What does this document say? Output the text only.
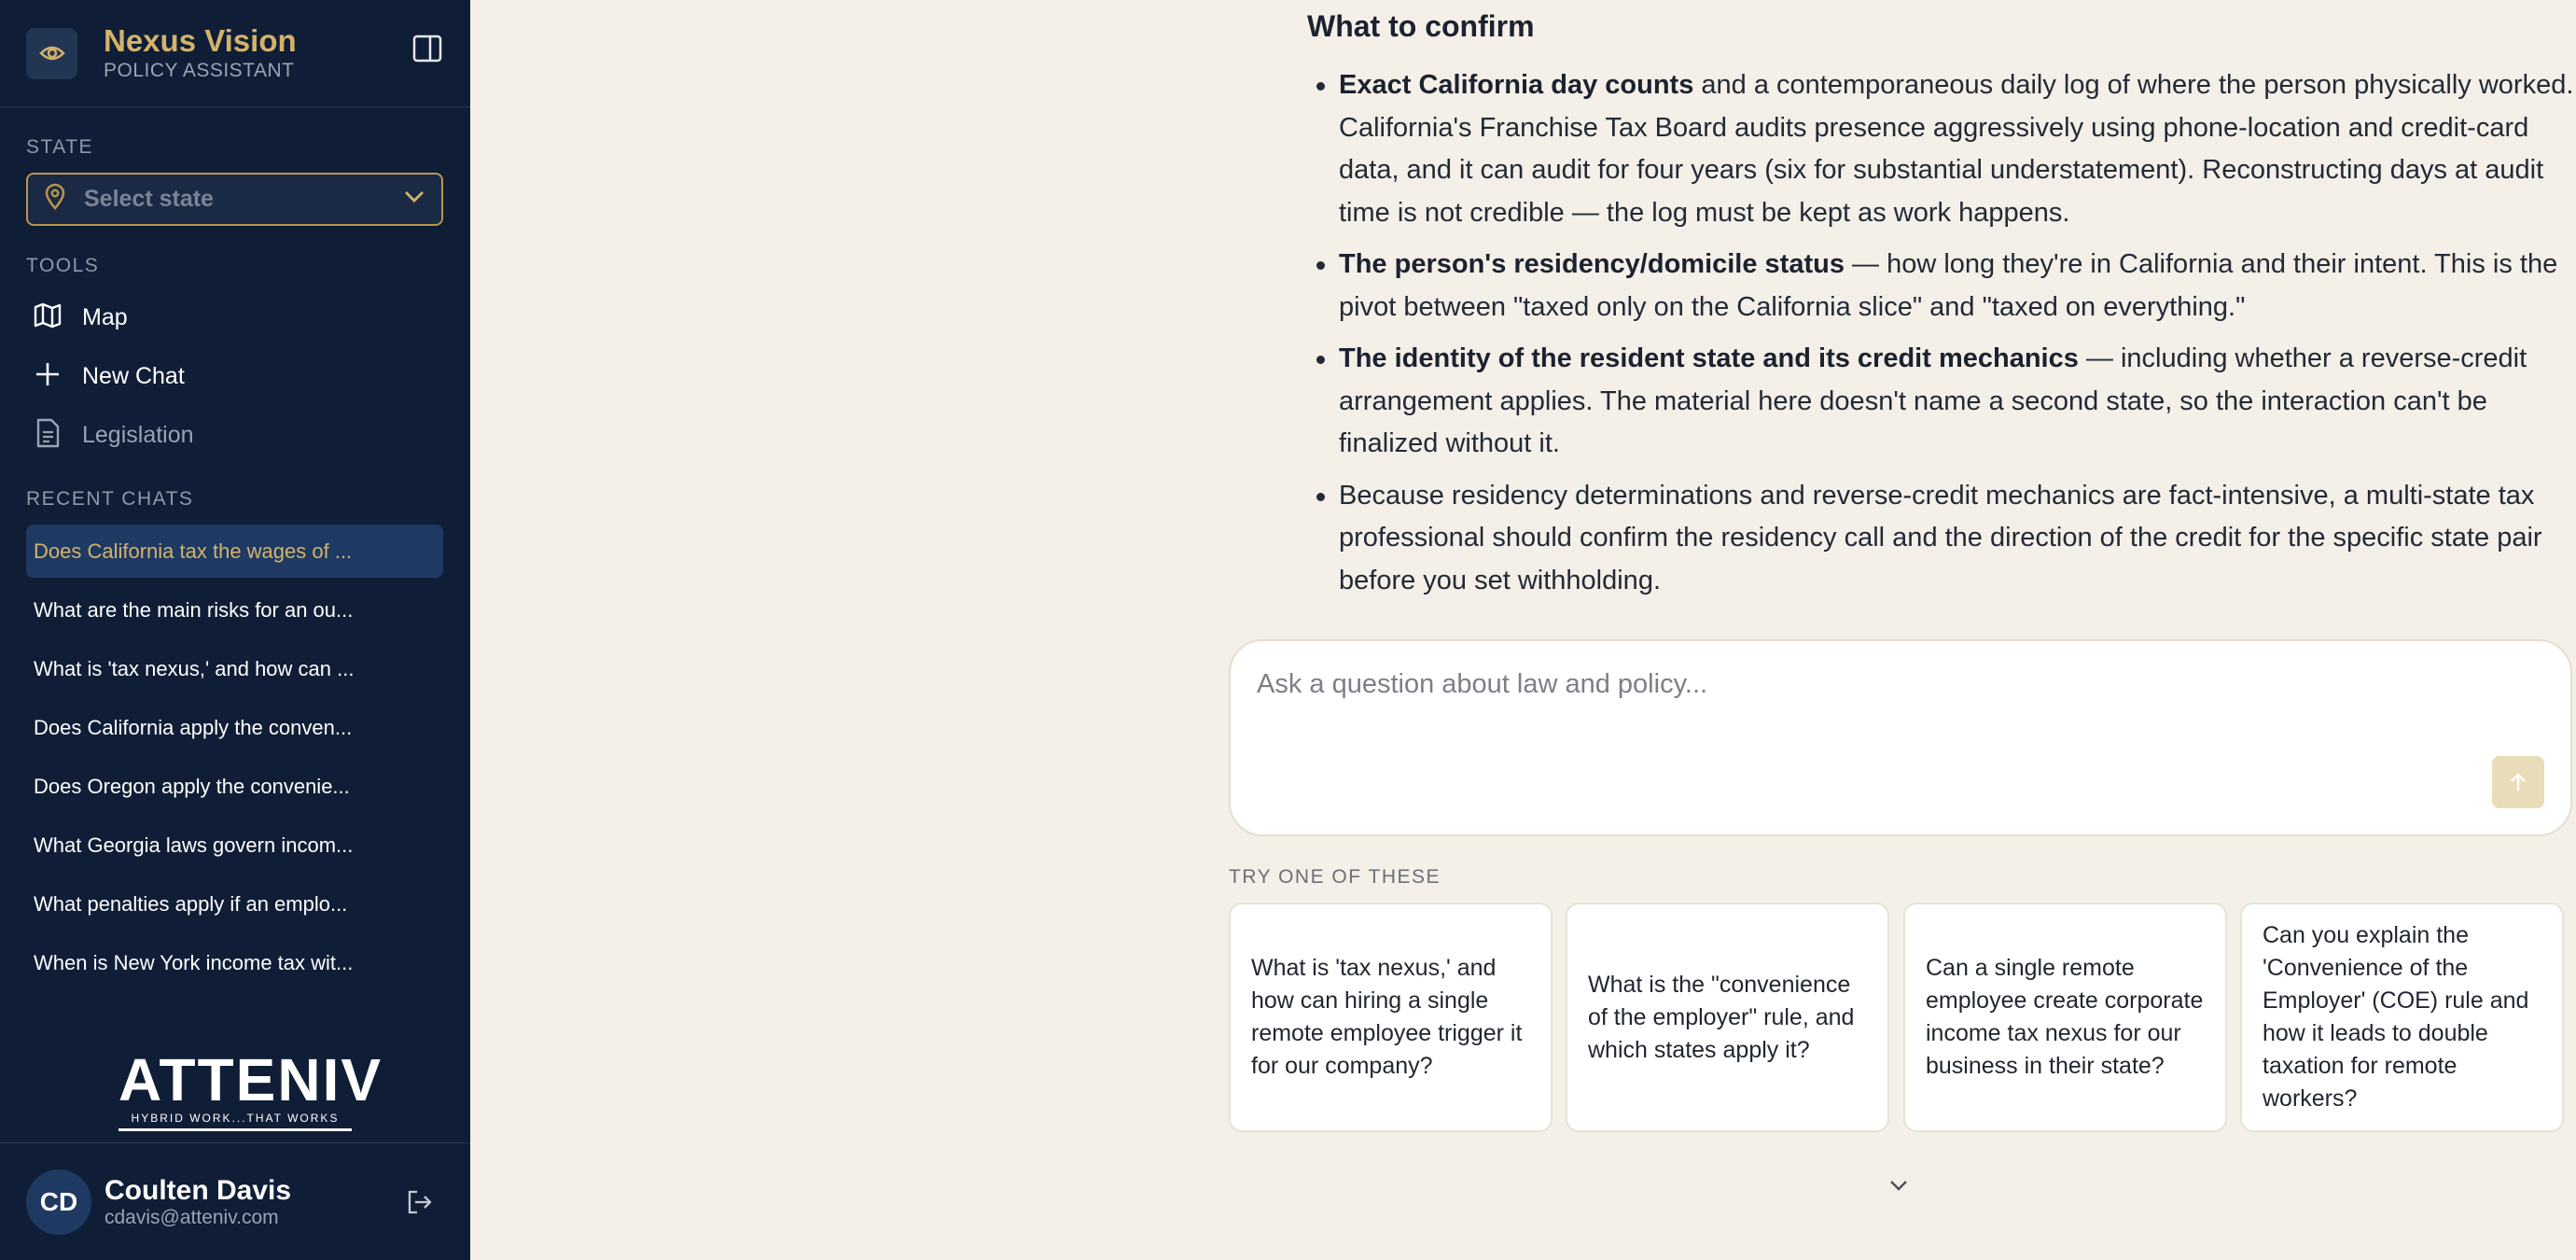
Nexus Vision
POLICY ASSISTANT
STATE
Select state
TOOLS
Map
New Chat
Legislation
RECENT CHATS
Does California tax the wages of ...
What are the main risks for an ou...
What is 'tax nexus,' and how can ...
Does California apply the conven...
Does Oregon apply the convenie...
What Georgia laws govern incom...
What penalties apply if an emplo...
When is New York income tax wit...
ATTENIV
HYBRID WORK...THAT WORKS
CD Coulten Davis
cdavis@atteniv.com
What to confirm
Exact California day counts and a contemporaneous daily log of where the person physically worked. California's Franchise Tax Board audits presence aggressively using phone-location and credit-card data, and it can audit for four years (six for substantial understatement). Reconstructing days at audit time is not credible — the log must be kept as work happens.
The person's residency/domicile status — how long they're in California and their intent. This is the pivot between "taxed only on the California slice" and "taxed on everything."
The identity of the resident state and its credit mechanics — including whether a reverse-credit arrangement applies. The material here doesn't name a second state, so the interaction can't be finalized without it.
Because residency determinations and reverse-credit mechanics are fact-intensive, a multi-state tax professional should confirm the residency call and the direction of the credit for the specific state pair before you set withholding.
Ask a question about law and policy...
TRY ONE OF THESE
What is 'tax nexus,' and how can hiring a single remote employee trigger it for our company?
What is the "convenience of the employer" rule, and which states apply it?
Can a single remote employee create corporate income tax nexus for our business in their state?
Can you explain the 'Convenience of the Employer' (COE) rule and how it leads to double taxation for remote workers?
